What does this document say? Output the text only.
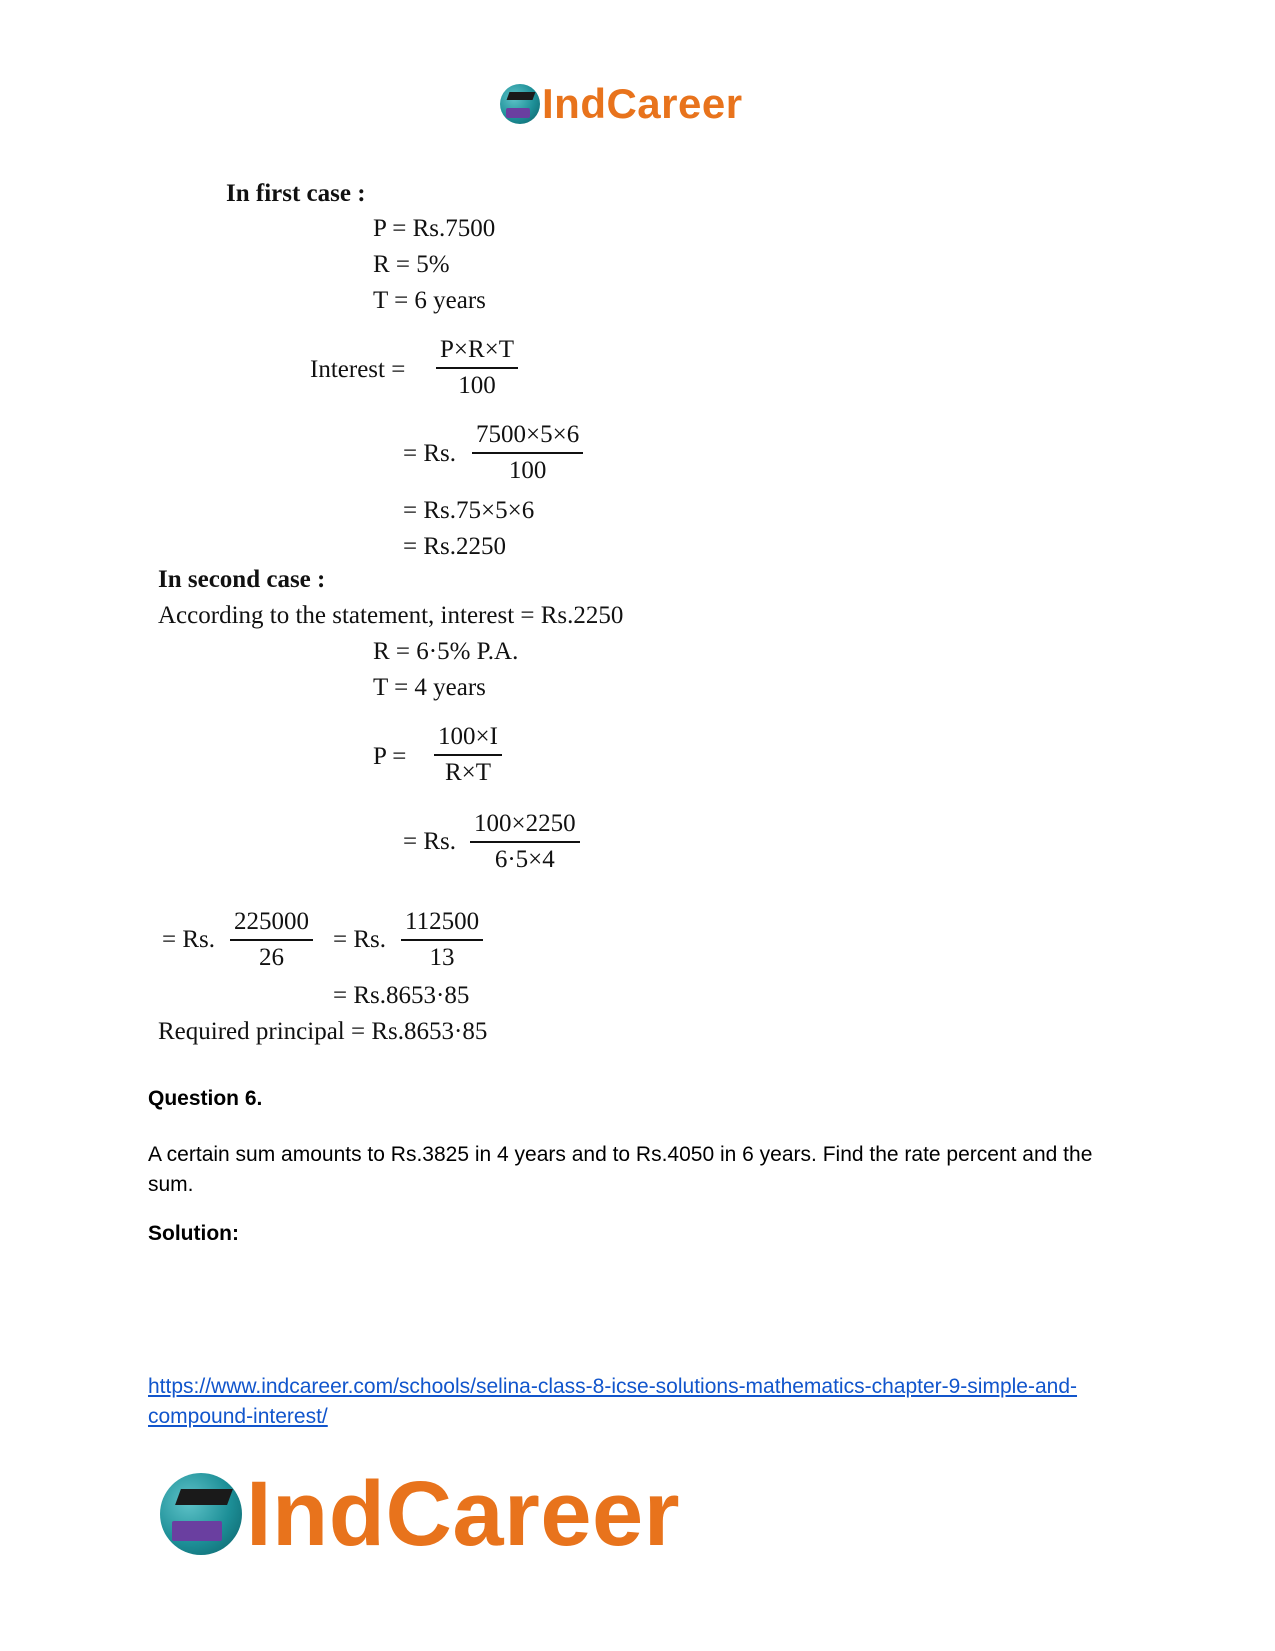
IndCareer
In first case :
P = Rs.7500
R = 5%
T = 6 years
Interest =
P×R×T
100
= Rs.
7500×5×6
100
= Rs.75×5×6
= Rs.2250
In second case :
According to the statement, interest = Rs.2250
R = 6·5% P.A.
T = 4 years
P =
100×I
R×T
= Rs.
100×2250
6·5×4
= Rs.
225000
26
= Rs.
112500
13
= Rs.8653·85
Required principal = Rs.8653·85
Question 6.
A certain sum amounts to Rs.3825 in 4 years and to Rs.4050 in 6 years. Find the rate percent and the sum.
Solution:
https://www.indcareer.com/schools/selina-class-8-icse-solutions-mathematics-chapter-9-simple-and-compound-interest/
IndCareer
